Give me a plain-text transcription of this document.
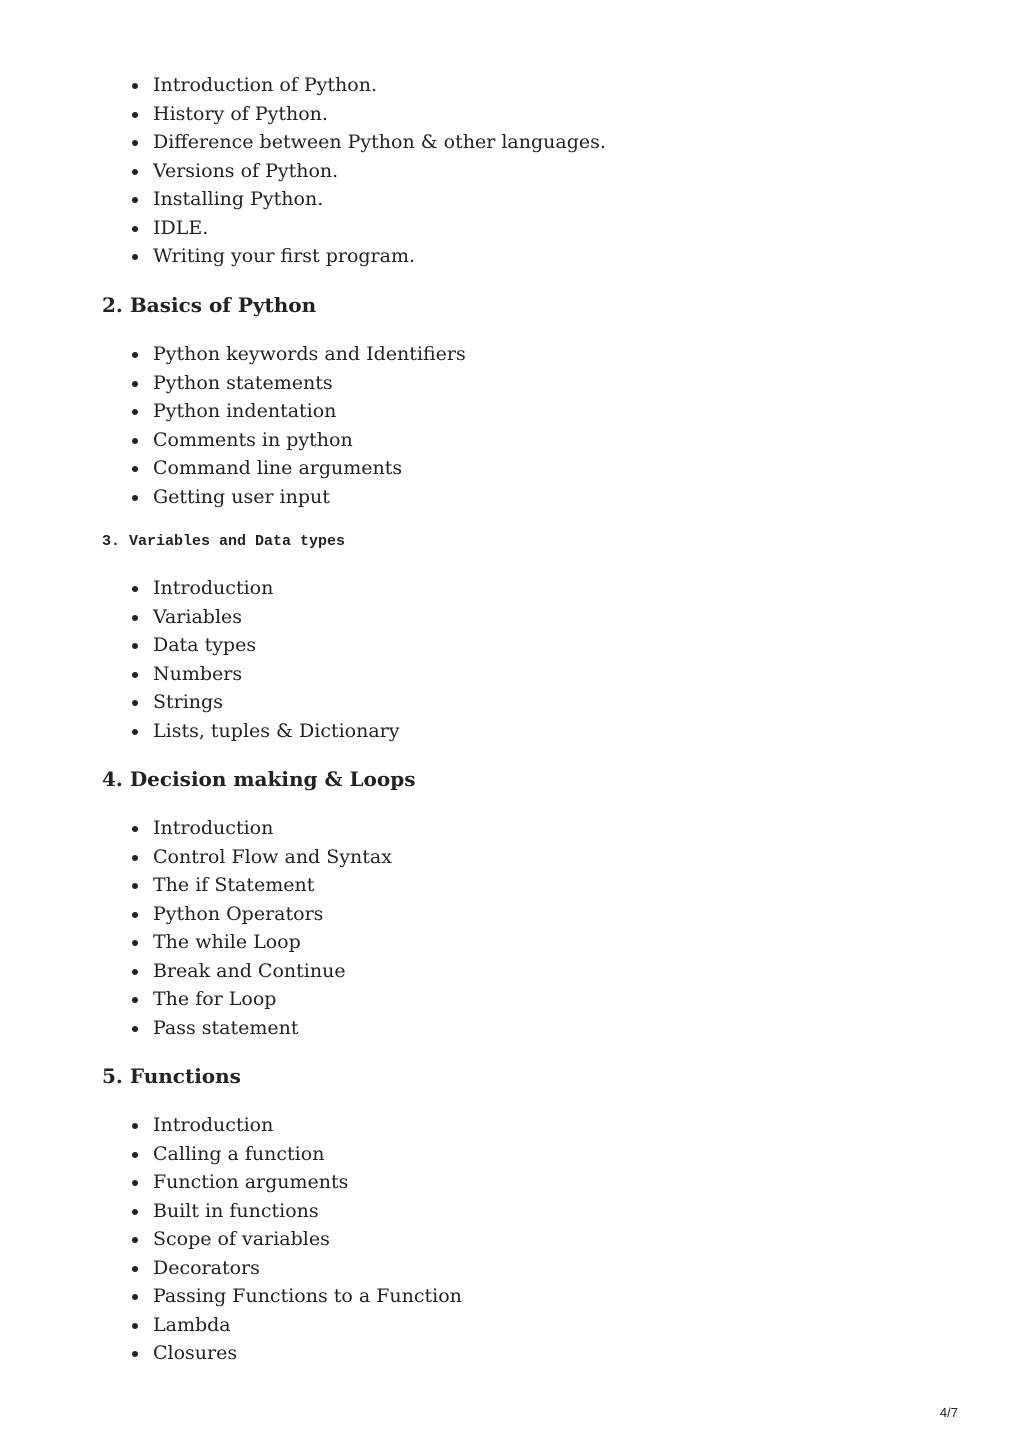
Introduction of Python.
History of Python.
Difference between Python & other languages.
Versions of Python.
Installing Python.
IDLE.
Writing your first program.
2. Basics of Python
Python keywords and Identifiers
Python statements
Python indentation
Comments in python
Command line arguments
Getting user input
3. Variables and Data types
Introduction
Variables
Data types
Numbers
Strings
Lists, tuples & Dictionary
4. Decision making & Loops
Introduction
Control Flow and Syntax
The if Statement
Python Operators
The while Loop
Break and Continue
The for Loop
Pass statement
5. Functions
Introduction
Calling a function
Function arguments
Built in functions
Scope of variables
Decorators
Passing Functions to a Function
Lambda
Closures
4/7
